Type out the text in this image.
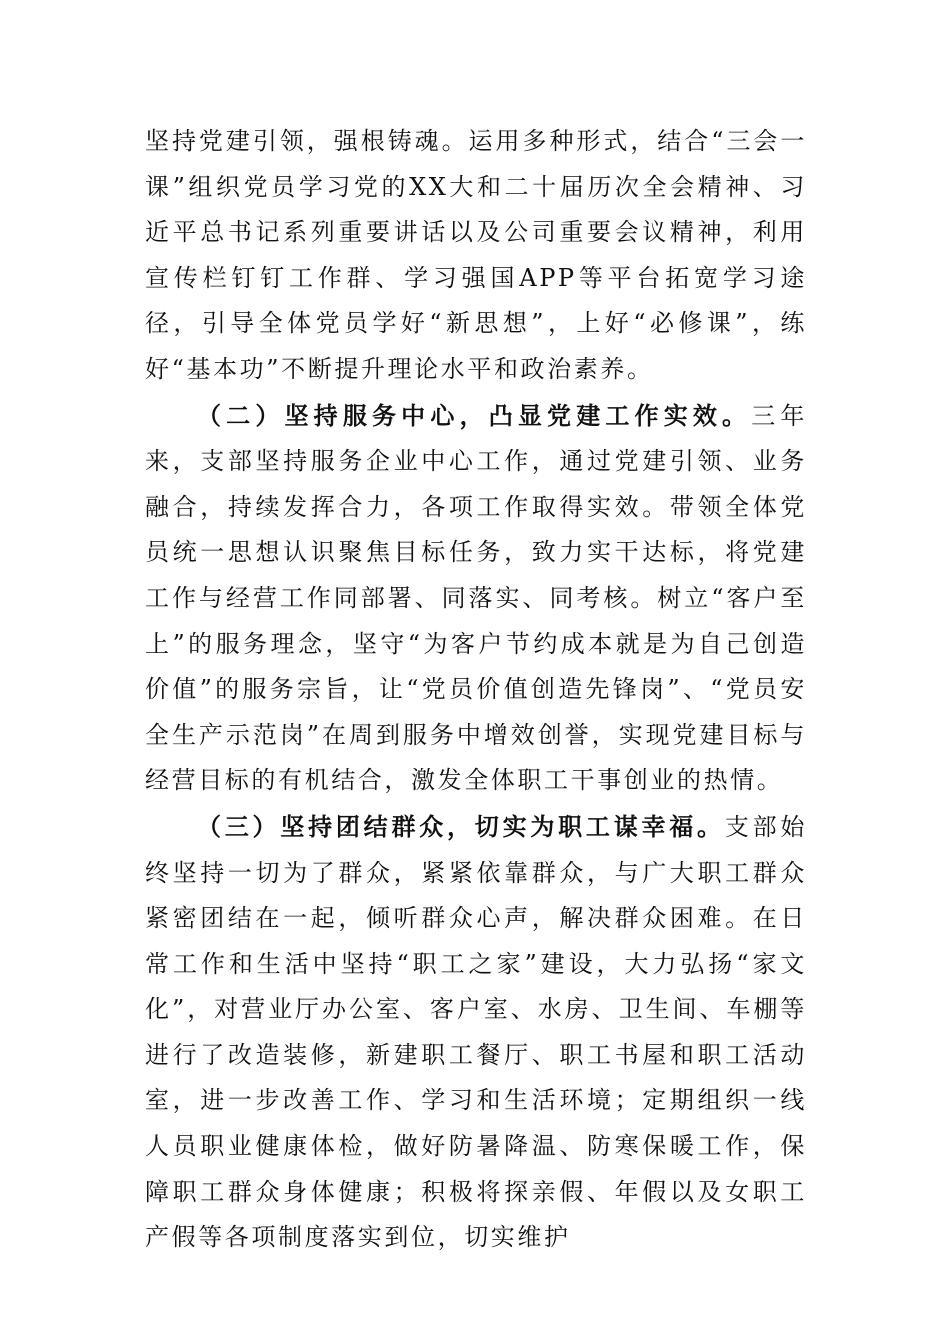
坚持党建引领，强根铸魂。运用多种形式，结合“三会一课”组织党员学习党的XX大和二十届历次全会精神、习近平总书记系列重要讲话以及公司重要会议精神，利用宣传栏钉钉工作群、学习强国APP等平台拓宽学习途径，引导全体党员学好“新思想”，上好“必修课”，练好“基本功”不断提升理论水平和政治素养。

（二）坚持服务中心，凸显党建工作实效。三年来，支部坚持服务企业中心工作，通过党建引领、业务融合，持续发挥合力，各项工作取得实效。带领全体党员统一思想认识聚焦目标任务，致力实干达标，将党建工作与经营工作同部署、同落实、同考核。树立“客户至上”的服务理念，坚守“为客户节约成本就是为自己创造价值”的服务宗旨，让“党员价值创造先锋岗”、“党员安全生产示范岗”在周到服务中增效创誉，实现党建目标与经营目标的有机结合，激发全体职工干事创业的热情。

（三）坚持团结群众，切实为职工谋幸福。支部始终坚持一切为了群众，紧紧依靠群众，与广大职工群众紧密团结在一起，倾听群众心声，解决群众困难。在日常工作和生活中坚持“职工之家”建设，大力弘扬“家文化”，对营业厅办公室、客户室、水房、卫生间、车棚等进行了改造装修，新建职工餐厅、职工书屋和职工活动室，进一步改善工作、学习和生活环境；定期组织一线人员职业健康体检，做好防暑降温、防寒保暖工作，保障职工群众身体健康；积极将探亲假、年假以及女职工产假等各项制度落实到位，切实维护
